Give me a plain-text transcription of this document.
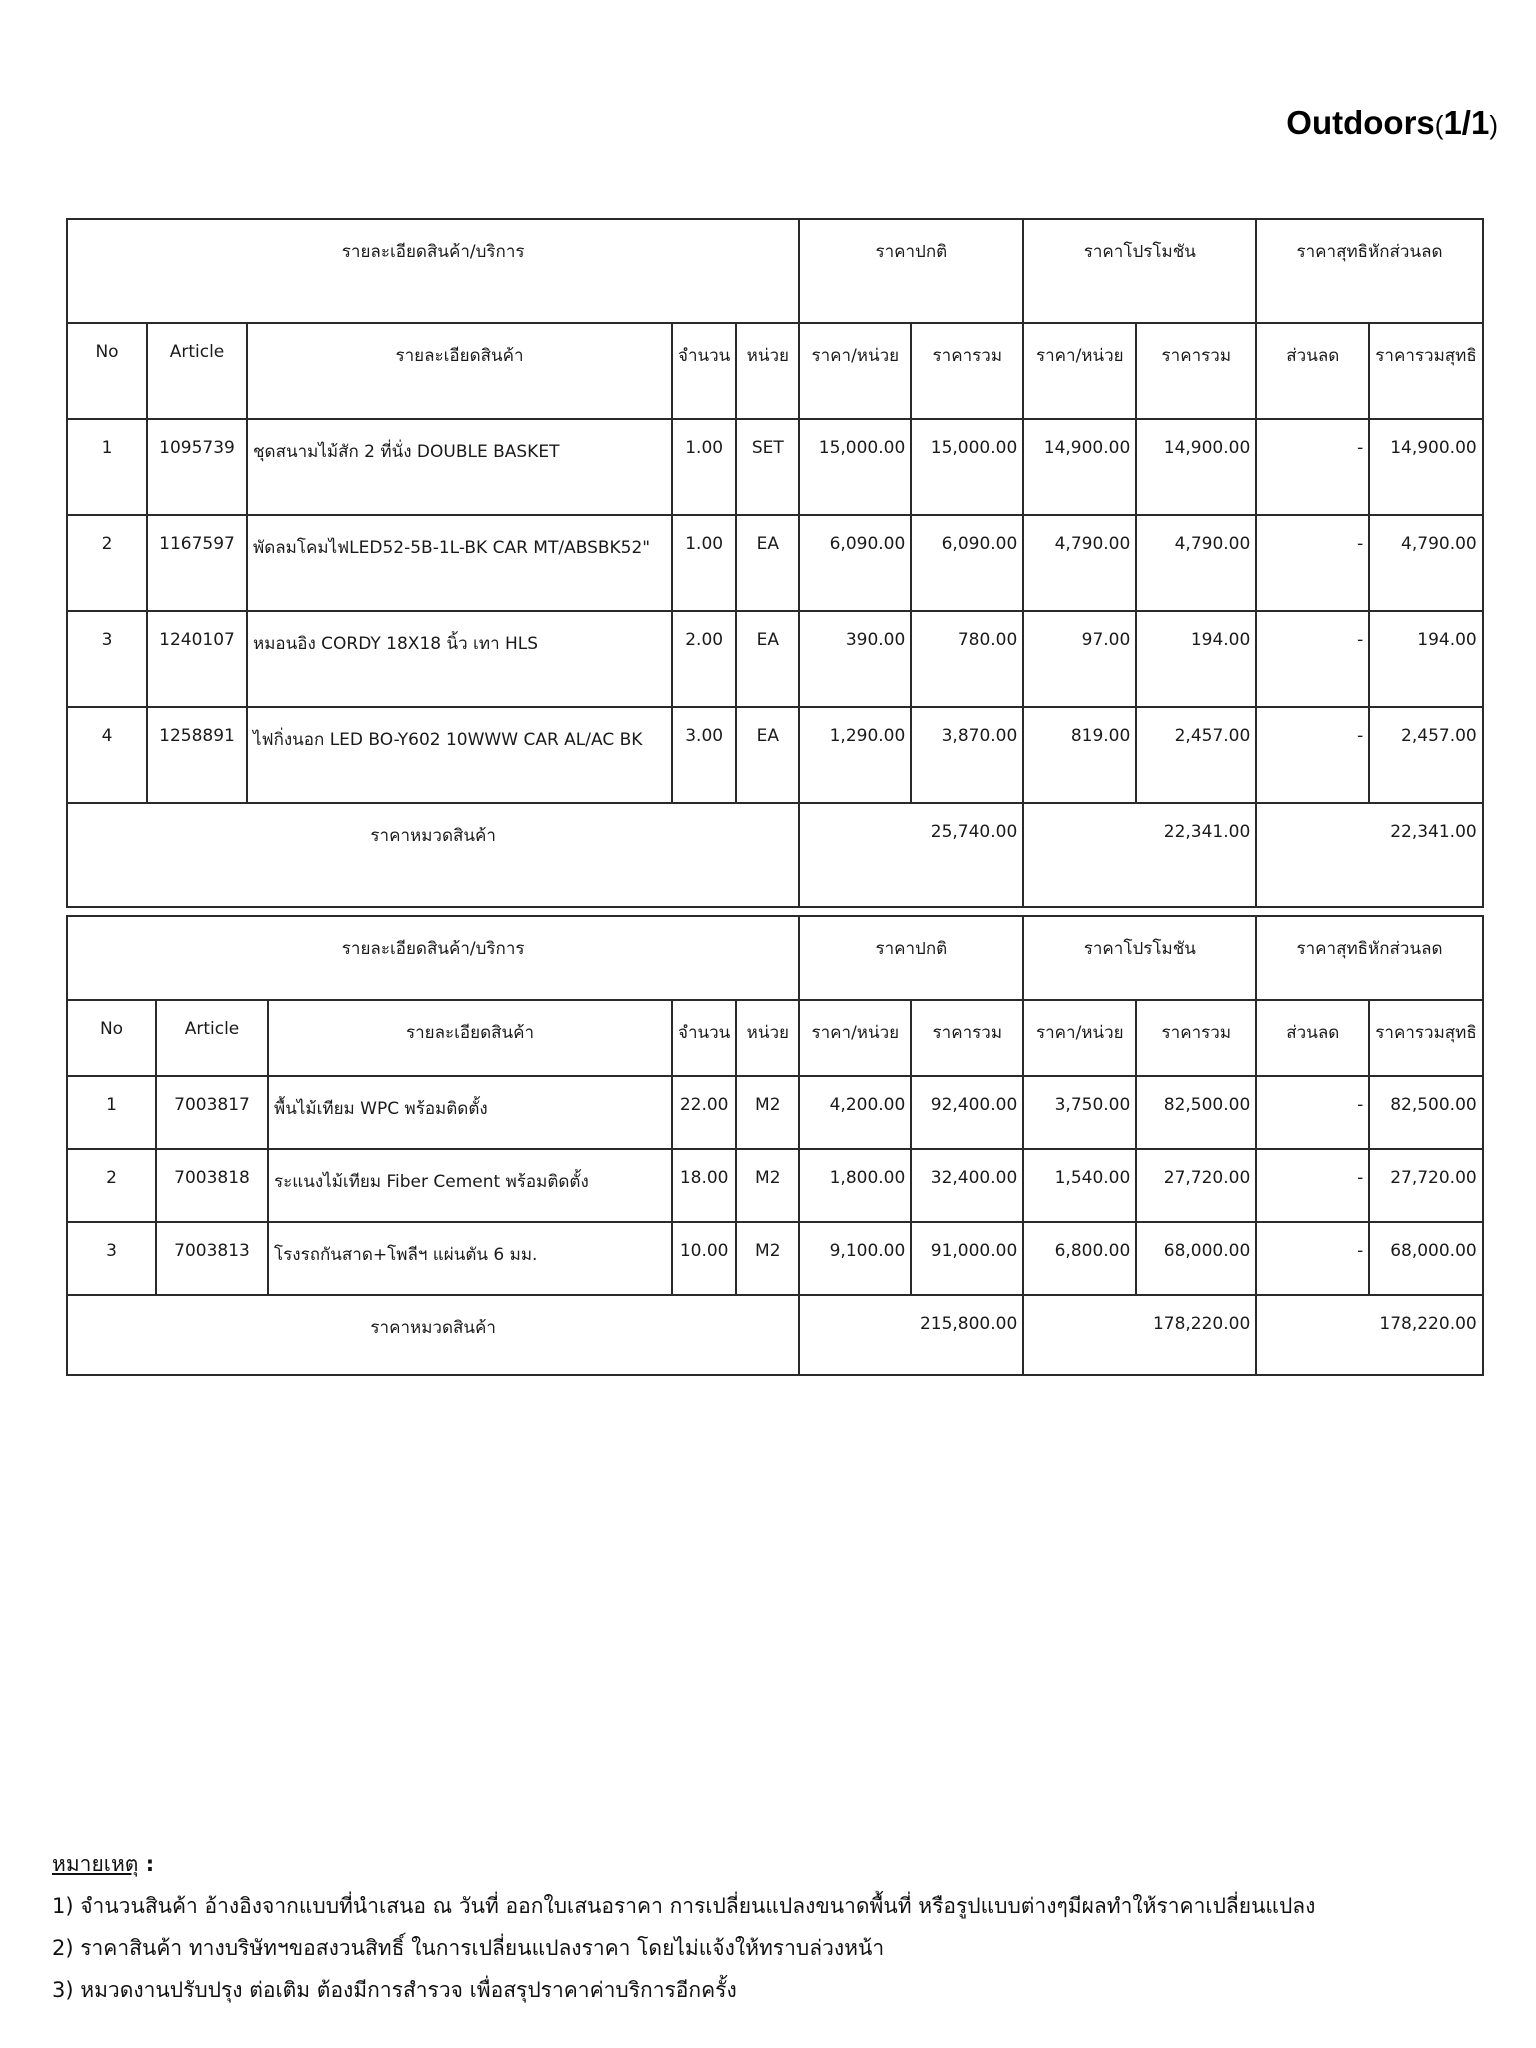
Outdoors(1/1)
รายละเอียดสินค้า/บริการ					ราคาปกติ		ราคาโปรโมชัน		ราคาสุทธิหักส่วนลด	

No	Article	รายละเอียดสินค้า	จำนวน	หน่วย	ราคา/หน่วย	ราคารวม	ราคา/หน่วย	ราคารวม	ส่วนลด	ราคารวมสุทธิ

1	1095739	ชุดสนามไม้สัก 2 ที่นั่ง DOUBLE BASKET	1.00	SET	15,000.00	15,000.00	14,900.00	14,900.00	-	14,900.00

2	1167597	พัดลมโคมไฟLED52-5B-1L-BK CAR MT/ABSBK52"	1.00	EA	6,090.00	6,090.00	4,790.00	4,790.00	-	4,790.00

3	1240107	หมอนอิง CORDY 18X18 นิ้ว เทา HLS	2.00	EA	390.00	780.00	97.00	194.00	-	194.00

4	1258891	ไฟกิ่งนอก LED BO-Y602 10WWW CAR AL/AC BK	3.00	EA	1,290.00	3,870.00	819.00	2,457.00	-	2,457.00

ราคาหมวดสินค้า					25,740.00		22,341.00		22,341.00	
รายละเอียดสินค้า/บริการ					ราคาปกติ		ราคาโปรโมชัน		ราคาสุทธิหักส่วนลด	

No	Article	รายละเอียดสินค้า	จำนวน	หน่วย	ราคา/หน่วย	ราคารวม	ราคา/หน่วย	ราคารวม	ส่วนลด	ราคารวมสุทธิ

1	7003817	พื้นไม้เทียม WPC พร้อมติดตั้ง	22.00	M2	4,200.00	92,400.00	3,750.00	82,500.00	-	82,500.00

2	7003818	ระแนงไม้เทียม Fiber Cement พร้อมติดตั้ง	18.00	M2	1,800.00	32,400.00	1,540.00	27,720.00	-	27,720.00

3	7003813	โรงรถกันสาด+โพลีฯ แผ่นตัน 6 มม.	10.00	M2	9,100.00	91,000.00	6,800.00	68,000.00	-	68,000.00

ราคาหมวดสินค้า					215,800.00		178,220.00		178,220.00	
หมายเหตุ :
1) จำนวนสินค้า อ้างอิงจากแบบที่นำเสนอ ณ วันที่ ออกใบเสนอราคา การเปลี่ยนแปลงขนาดพื้นที่ หรือรูปแบบต่างๆมีผลทำให้ราคาเปลี่ยนแปลง
2) ราคาสินค้า ทางบริษัทฯขอสงวนสิทธิ์ ในการเปลี่ยนแปลงราคา โดยไม่แจ้งให้ทราบล่วงหน้า
3) หมวดงานปรับปรุง ต่อเติม ต้องมีการสำรวจ เพื่อสรุปราคาค่าบริการอีกครั้ง
